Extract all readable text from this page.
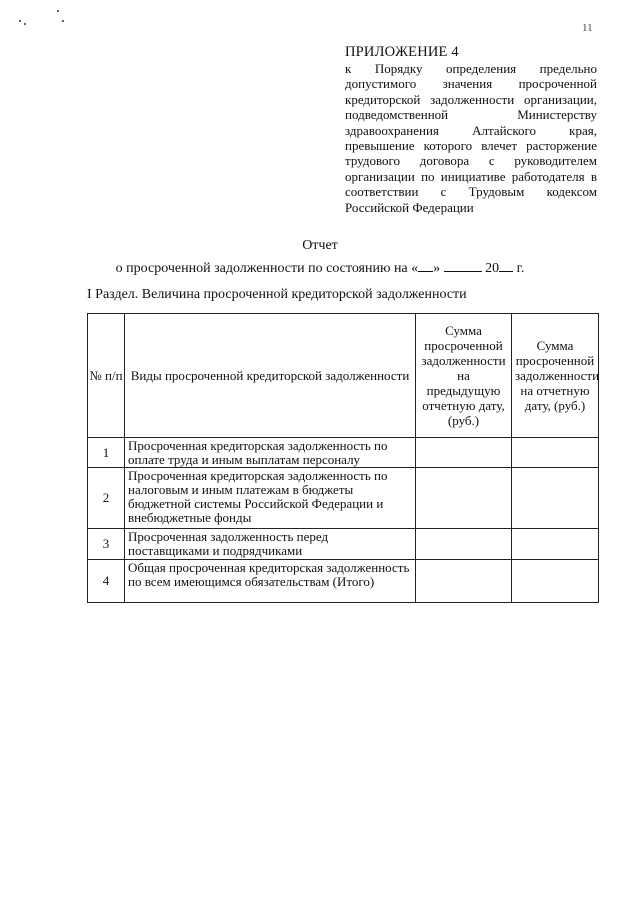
11
ПРИЛОЖЕНИЕ 4
к Порядку определения предельно допустимого значения просроченной кредиторской задолженности организации, подведомственной Министерству здравоохранения Алтайского края, превышение которого влечет расторжение трудового договора с руководителем организации по инициативе работодателя в соответствии с Трудовым кодексом Российской Федерации
Отчет
о просроченной задолженности по состоянию на « »	20 г.
I Раздел. Величина просроченной кредиторской задолженности
№ п/п	Виды просроченной кредиторской задолженности	Сумма просроченной задолженности на предыдущую отчетную дату, (руб.)	Сумма просроченной задолженности на отчетную дату, (руб.)
1	Просроченная кредиторская задолженность по оплате труда и иным выплатам персоналу		
2	Просроченная кредиторская задолженность по налоговым и иным платежам в бюджеты бюджетной системы Российской Федерации и внебюджетные фонды		
3	Просроченная задолженность перед поставщиками и подрядчиками		
4	Общая просроченная кредиторская задолженность по всем имеющимся обязательствам (Итого)		
